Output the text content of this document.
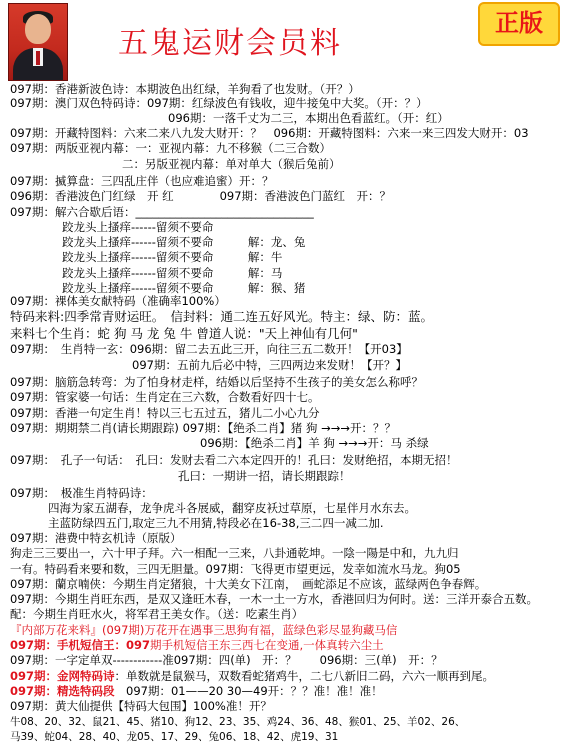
五鬼运财会员料
正版
097期：香港新波色诗：本期波色出红绿，羊狗看了也发财。（开？）
097期：澳门双色特码诗：097期：红绿波色有钱收，迎牛接兔中大奖。（开：？）
096期：一落千丈为二三，本期出色看蓝红。（开：红）
097期：开藏特图料：六来二来八九发大财开：？　096期：开藏特图料：六来一来三四发大财开：03
097期：两版亚视内幕：一：亚视内幕：九不移猴（二三合数）
二：另版亚视内幕：单对单大（猴后兔前）
097期：揻算盘：三四乱庄伴（也应难追蜜）开：？
096期：香港波色门红绿　开 红　　　　097期：香港波色门蓝红　开：？
097期：解六合歇后语：_______________________________
跤龙头上搔痒------留须不要命
跤龙头上搔痒------留须不要命　　　解：龙、兔
跤龙头上搔痒------留须不要命　　　解：牛
跤龙头上搔痒------留须不要命　　　解：马
跤龙头上搔痒------留须不要命　　　解：猴、猪
097期：裸体美女献特码（准确率100%）
特码来料:四季常青财运旺。　信封料：通二连五好风光。特主：绿、防：蓝。
来料七个生肖：蛇 狗 马 龙 兔 牛 曾道人说："天上神仙有几何"
097期：　生肖特一玄：096期：留二去五此三开，向往三五二数开！【开03】
097期：五前九后必中特，三四两边来发财！【开？】
097期：脑筋急转弯：为了怕身材走样，结婚以后坚持不生孩子的美女怎么称呼？
097期：管家婆一句话：生肖定在三六数，合数看好四十七。
097期：香港一句定生肖！特以三七五过五，猪儿二小心九分
097期：期期禁二肖(请长期跟踪) 097期：【绝杀二肖】猪 狗 →→→开：？？
096期：【绝杀二肖】羊 狗 →→→开：马 杀绿
097期：　孔子一句话：　孔曰：发财去看二六本定四开的！孔曰：发财绝招，本期无招！
孔曰：一期讲一招，请长期跟踪！
097期：　极准生肖特码诗：
四海为家五湖春，龙争虎斗各展威，翻穿皮袄过草原，七星伴月水东去。
主蓝防绿四五门,取定三九不用猜,特段必在16-38,三二四一减二加.
097期：港费中特玄机诗（原版）
狗走三三要出一，六十甲子拜。六一相配一三来，八卦通乾坤。一陰一陽是中和，九九归
一有。特码看来要和数，三四无胆量。097期：飞得更市望更远，发幸如流水马龙。狗05
097期：蘭京喃侠：今期生肖定猪狼，十大美女下江南，　画蛇添足不应该，蓝绿两色争春辉。
097期：今期生肖旺东西，是双又逢旺木春，一木一土一方水，香港回归为何时。送：三洋开泰合五数。
配：今期生肖旺水火，将军君王美女作。（送：吃素生肖）
『内部万花来料』(097期)万花开在遇事三思狗有福，蓝绿色彩尽显狗藏马信
097期：手机短信王：097期手机短信王东三西七在变通,一体真转六尘土
097期：一字定单双------------准097期：四(单)　开：？　　096期：三(单)　开：？
097期：金网特码诗：单数就是鼠猴马，双数看蛇猪鸡牛，二七八新旧二码，六六一顺再到尾。
097期：精选特码段　097期：01——20 30—49开：？？准！准！准！
097期：黄大仙提供【特码大包围】100%准！开？
牛08、20、32、鼠21、45、猪10、狗12、23、35、鸡24、36、48、猴01、25、羊02、26、
马39、蛇04、28、40、龙05、17、29、兔06、18、42、虎19、31
